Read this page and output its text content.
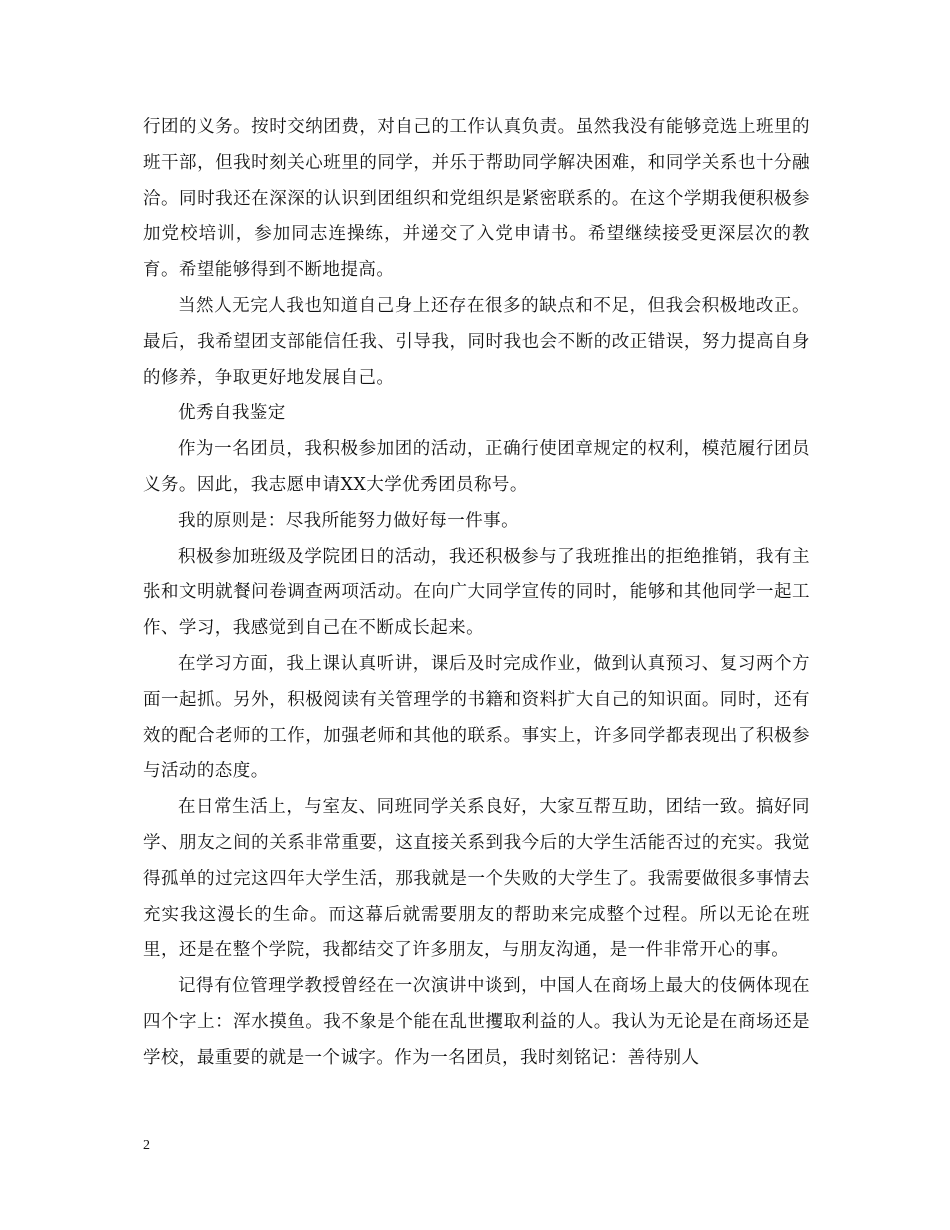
行团的义务。按时交纳团费，对自己的工作认真负责。虽然我没有能够竞选上班里的班干部，但我时刻关心班里的同学，并乐于帮助同学解决困难，和同学关系也十分融洽。同时我还在深深的认识到团组织和党组织是紧密联系的。在这个学期我便积极参加党校培训，参加同志连操练，并递交了入党申请书。希望继续接受更深层次的教育。希望能够得到不断地提高。

当然人无完人我也知道自己身上还存在很多的缺点和不足，但我会积极地改正。最后，我希望团支部能信任我、引导我，同时我也会不断的改正错误，努力提高自身的修养，争取更好地发展自己。

优秀自我鉴定

作为一名团员，我积极参加团的活动，正确行使团章规定的权利，模范履行团员义务。因此，我志愿申请XX大学优秀团员称号。

我的原则是：尽我所能努力做好每一件事。

积极参加班级及学院团日的活动，我还积极参与了我班推出的拒绝推销，我有主张和文明就餐问卷调查两项活动。在向广大同学宣传的同时，能够和其他同学一起工作、学习，我感觉到自己在不断成长起来。

在学习方面，我上课认真听讲，课后及时完成作业，做到认真预习、复习两个方面一起抓。另外，积极阅读有关管理学的书籍和资料扩大自己的知识面。同时，还有效的配合老师的工作，加强老师和其他的联系。事实上，许多同学都表现出了积极参与活动的态度。

在日常生活上，与室友、同班同学关系良好，大家互帮互助，团结一致。搞好同学、朋友之间的关系非常重要，这直接关系到我今后的大学生活能否过的充实。我觉得孤单的过完这四年大学生活，那我就是一个失败的大学生了。我需要做很多事情去充实我这漫长的生命。而这幕后就需要朋友的帮助来完成整个过程。所以无论在班里，还是在整个学院，我都结交了许多朋友，与朋友沟通，是一件非常开心的事。

记得有位管理学教授曾经在一次演讲中谈到，中国人在商场上最大的伎俩体现在四个字上：浑水摸鱼。我不象是个能在乱世攫取利益的人。我认为无论是在商场还是学校，最重要的就是一个诚字。作为一名团员，我时刻铭记：善待别人

2
